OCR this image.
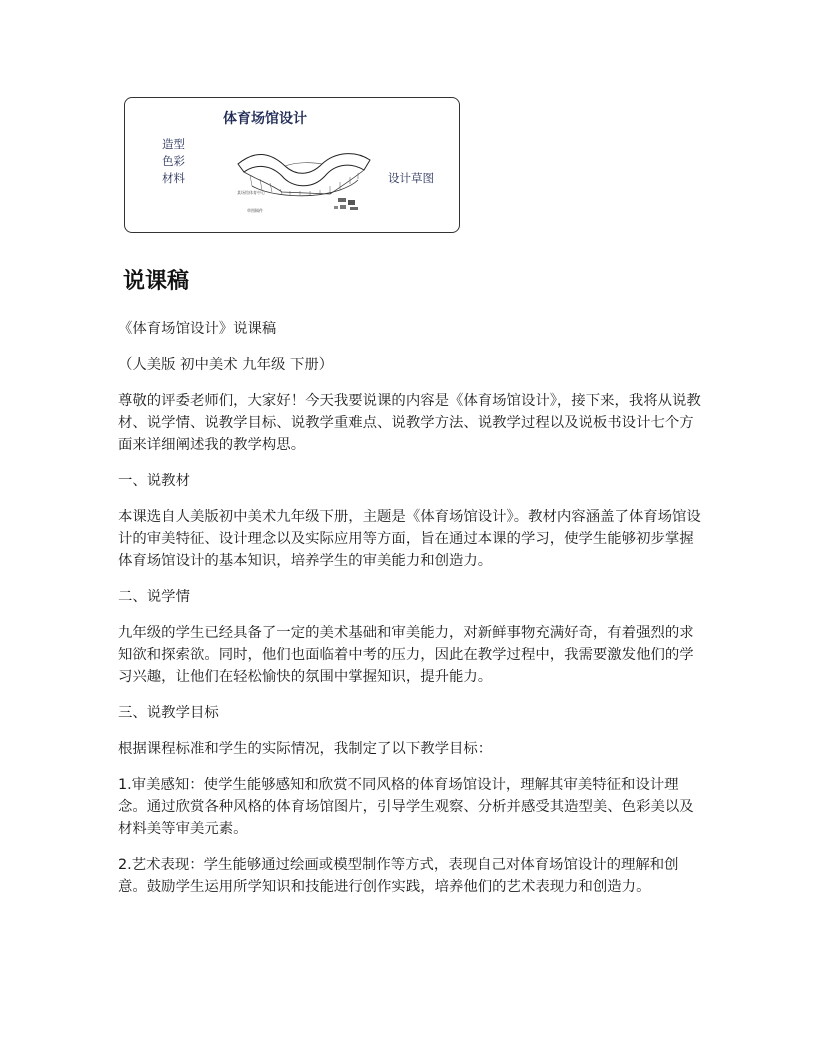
体育场馆设计
造型
色彩
材料
某场馆体育中心
草图稿件
设计草图
说课稿

《体育场馆设计》说课稿

（人美版 初中美术 九年级 下册）

尊敬的评委老师们，大家好！今天我要说课的内容是《体育场馆设计》，接下来，我将从说教材、说学情、说教学目标、说教学重难点、说教学方法、说教学过程以及说板书设计七个方面来详细阐述我的教学构思。

一、说教材

本课选自人美版初中美术九年级下册，主题是《体育场馆设计》。教材内容涵盖了体育场馆设计的审美特征、设计理念以及实际应用等方面，旨在通过本课的学习，使学生能够初步掌握体育场馆设计的基本知识，培养学生的审美能力和创造力。

二、说学情

九年级的学生已经具备了一定的美术基础和审美能力，对新鲜事物充满好奇，有着强烈的求知欲和探索欲。同时，他们也面临着中考的压力，因此在教学过程中，我需要激发他们的学习兴趣，让他们在轻松愉快的氛围中掌握知识，提升能力。

三、说教学目标

根据课程标准和学生的实际情况，我制定了以下教学目标：

1.审美感知：使学生能够感知和欣赏不同风格的体育场馆设计，理解其审美特征和设计理念。通过欣赏各种风格的体育场馆图片，引导学生观察、分析并感受其造型美、色彩美以及材料美等审美元素。

2.艺术表现：学生能够通过绘画或模型制作等方式，表现自己对体育场馆设计的理解和创意。鼓励学生运用所学知识和技能进行创作实践，培养他们的艺术表现力和创造力。
